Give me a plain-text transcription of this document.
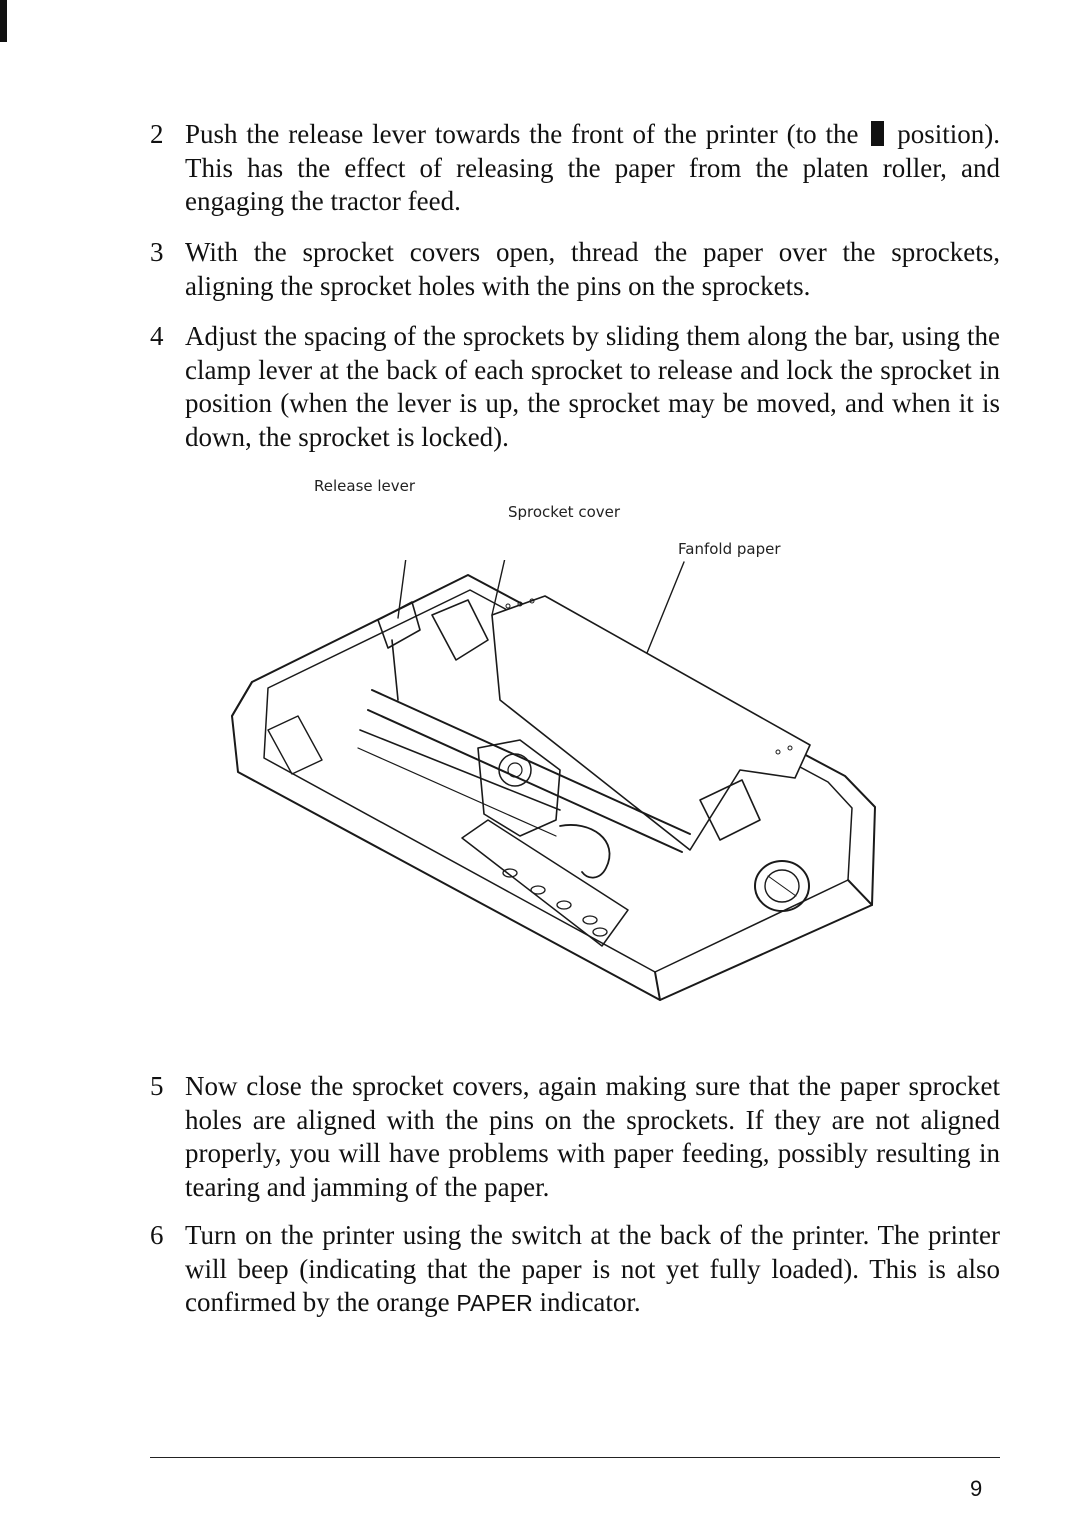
2 Push the release lever towards the front of the printer (to the position). This has the effect of releasing the paper from the platen roller, and engaging the tractor feed.
3 With the sprocket covers open, thread the paper over the sprockets, aligning the sprocket holes with the pins on the sprockets.
4 Adjust the spacing of the sprockets by sliding them along the bar, using the clamp lever at the back of each sprocket to release and lock the sprocket in position (when the lever is up, the sprocket may be moved, and when it is down, the sprocket is locked).
Release lever
Sprocket cover
Fanfold paper
5 Now close the sprocket covers, again making sure that the paper sprocket holes are aligned with the pins on the sprockets. If they are not aligned properly, you will have problems with paper feeding, possibly resulting in tearing and jamming of the paper.
6 Turn on the printer using the switch at the back of the printer. The printer will beep (indicating that the paper is not yet fully loaded). This is also confirmed by the orange PAPER indicator.
9
